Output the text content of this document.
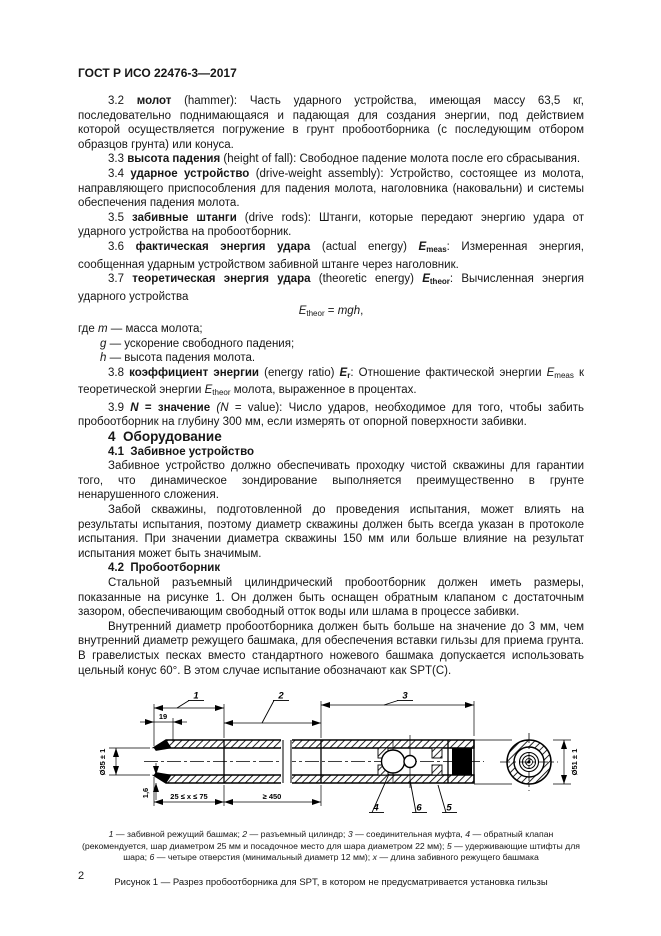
ГОСТ Р ИСО 22476-3—2017

3.2 молот (hammer): Часть ударного устройства, имеющая массу 63,5 кг, последовательно поднимающаяся и падающая для создания энергии, под действием которой осуществляется погружение в грунт пробоотборника (с последующим отбором образцов грунта) или конуса.

3.3 высота падения (height of fall): Свободное падение молота после его сбрасывания.

3.4 ударное устройство (drive-weight assembly): Устройство, состоящее из молота, направляющего приспособления для падения молота, наголовника (наковальни) и системы обеспечения падения молота.

3.5 забивные штанги (drive rods): Штанги, которые передают энергию удара от ударного устройства на пробоотборник.

3.6 фактическая энергия удара (actual energy) Emeas: Измеренная энергия, сообщенная ударным устройством забивной штанге через наголовник.

3.7 теоретическая энергия удара (theoretic energy) Etheor: Вычисленная энергия ударного устройства

$E_{theor}$ = mgh,

где m — масса молота;

g — ускорение свободного падения;

h — высота падения молота.

3.8 коэффициент энергии (energy ratio) Er: Отношение фактической энергии $E_{meas}$ к теоретической энергии $E_{theor}$ молота, выраженное в процентах.

3.9 N = значение (N = value): Число ударов, необходимое для того, чтобы забить пробоотборник на глубину 300 мм, если измерять от опорной поверхности забивки.

4  Оборудование

4.1  Забивное устройство

Забивное устройство должно обеспечивать проходку чистой скважины для гарантии того, что динамическое зондирование выполняется преимущественно в грунте ненарушенного сложения.

Забой скважины, подготовленной до проведения испытания, может влиять на результаты испытания, поэтому диаметр скважины должен быть всегда указан в протоколе испытания. При значении диаметра скважины 150 мм или больше влияние на результат испытания может быть значимым.

4.2  Пробоотборник

Стальной разъемный цилиндрический пробоотборник должен иметь размеры, показанные на рисунке 1. Он должен быть оснащен обратным клапаном с достаточным зазором, обеспечивающим свободный отток воды или шлама в процессе забивки.

Внутренний диаметр пробоотборника должен быть больше на значение до 3 мм, чем внутренний диаметр режущего башмака, для обеспечения вставки гильзы для приема грунта. В гравелистых песках вместо стандартного ножевого башмака допускается использовать цельный конус 60°. В этом случае испытание обозначают как SPT(C).

1	2	3
4	6	5
19
25 ≤ x ≤ 75	≥ 450
Ø35 ± 1
1,6
Ø51 ± 1

1 — забивной режущий башмак; 2 — разъемный цилиндр; 3 — соединительная муфта, 4 — обратный клапан (рекомендуется, шар диаметром 25 мм и посадочное место для шара диаметром 22 мм); 5 — удерживающие штифты для шара; 6 — четыре отверстия (минимальный диаметр 12 мм); x — длина забивного режущего башмака

Рисунок 1 — Разрез пробоотборника для SPT, в котором не предусматривается установка гильзы

2
